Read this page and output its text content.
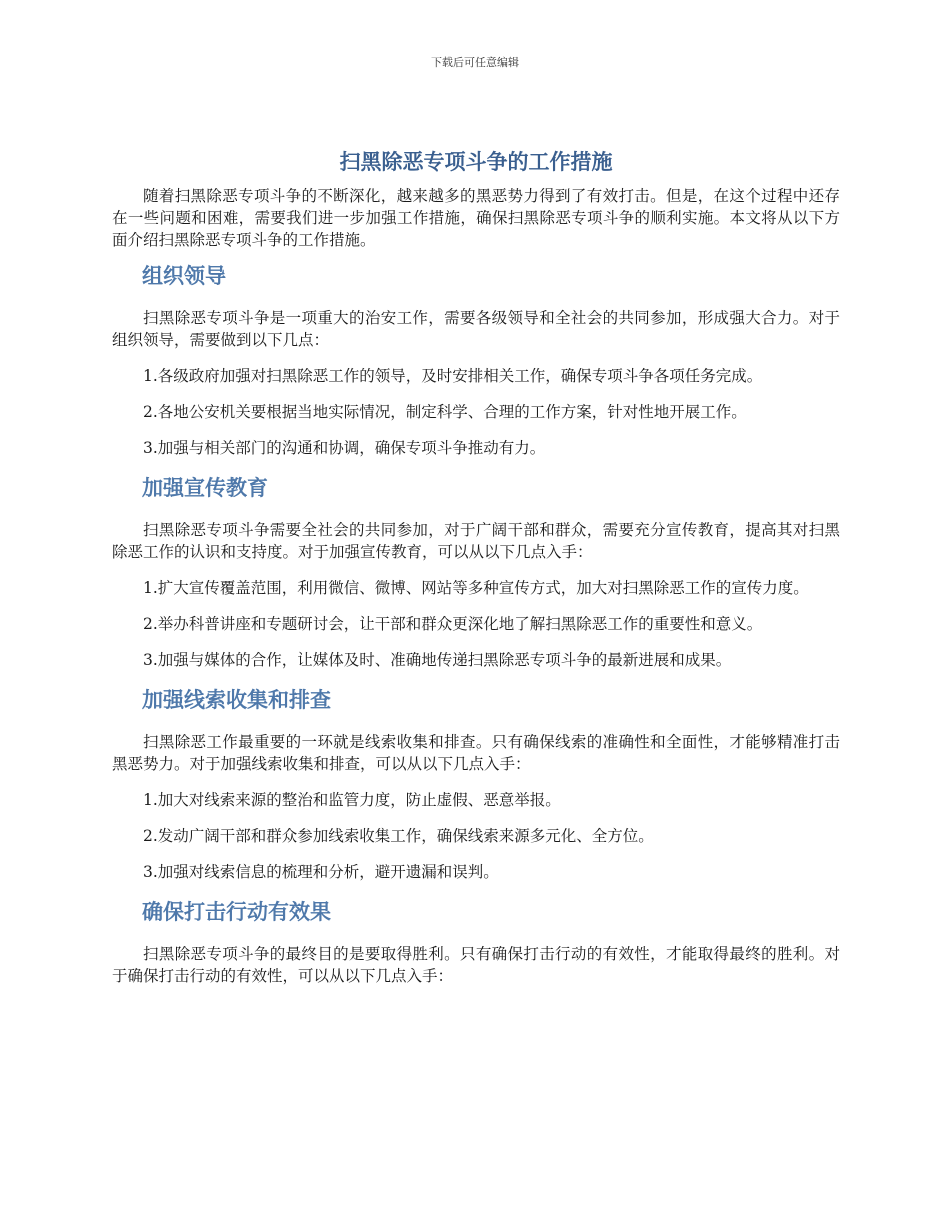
下载后可任意编辑
扫黑除恶专项斗争的工作措施

随着扫黑除恶专项斗争的不断深化，越来越多的黑恶势力得到了有效打击。但是，在这个过程中还存在一些问题和困难，需要我们进一步加强工作措施，确保扫黑除恶专项斗争的顺利实施。本文将从以下方面介绍扫黑除恶专项斗争的工作措施。

组织领导

扫黑除恶专项斗争是一项重大的治安工作，需要各级领导和全社会的共同参加，形成强大合力。对于组织领导，需要做到以下几点：

1.各级政府加强对扫黑除恶工作的领导，及时安排相关工作，确保专项斗争各项任务完成。

2.各地公安机关要根据当地实际情况，制定科学、合理的工作方案，针对性地开展工作。

3.加强与相关部门的沟通和协调，确保专项斗争推动有力。

加强宣传教育

扫黑除恶专项斗争需要全社会的共同参加，对于广阔干部和群众，需要充分宣传教育，提高其对扫黑除恶工作的认识和支持度。对于加强宣传教育，可以从以下几点入手：

1.扩大宣传覆盖范围，利用微信、微博、网站等多种宣传方式，加大对扫黑除恶工作的宣传力度。

2.举办科普讲座和专题研讨会，让干部和群众更深化地了解扫黑除恶工作的重要性和意义。

3.加强与媒体的合作，让媒体及时、准确地传递扫黑除恶专项斗争的最新进展和成果。

加强线索收集和排查

扫黑除恶工作最重要的一环就是线索收集和排查。只有确保线索的准确性和全面性，才能够精准打击黑恶势力。对于加强线索收集和排查，可以从以下几点入手：

1.加大对线索来源的整治和监管力度，防止虚假、恶意举报。

2.发动广阔干部和群众参加线索收集工作，确保线索来源多元化、全方位。

3.加强对线索信息的梳理和分析，避开遗漏和误判。

确保打击行动有效果

扫黑除恶专项斗争的最终目的是要取得胜利。只有确保打击行动的有效性，才能取得最终的胜利。对于确保打击行动的有效性，可以从以下几点入手：
